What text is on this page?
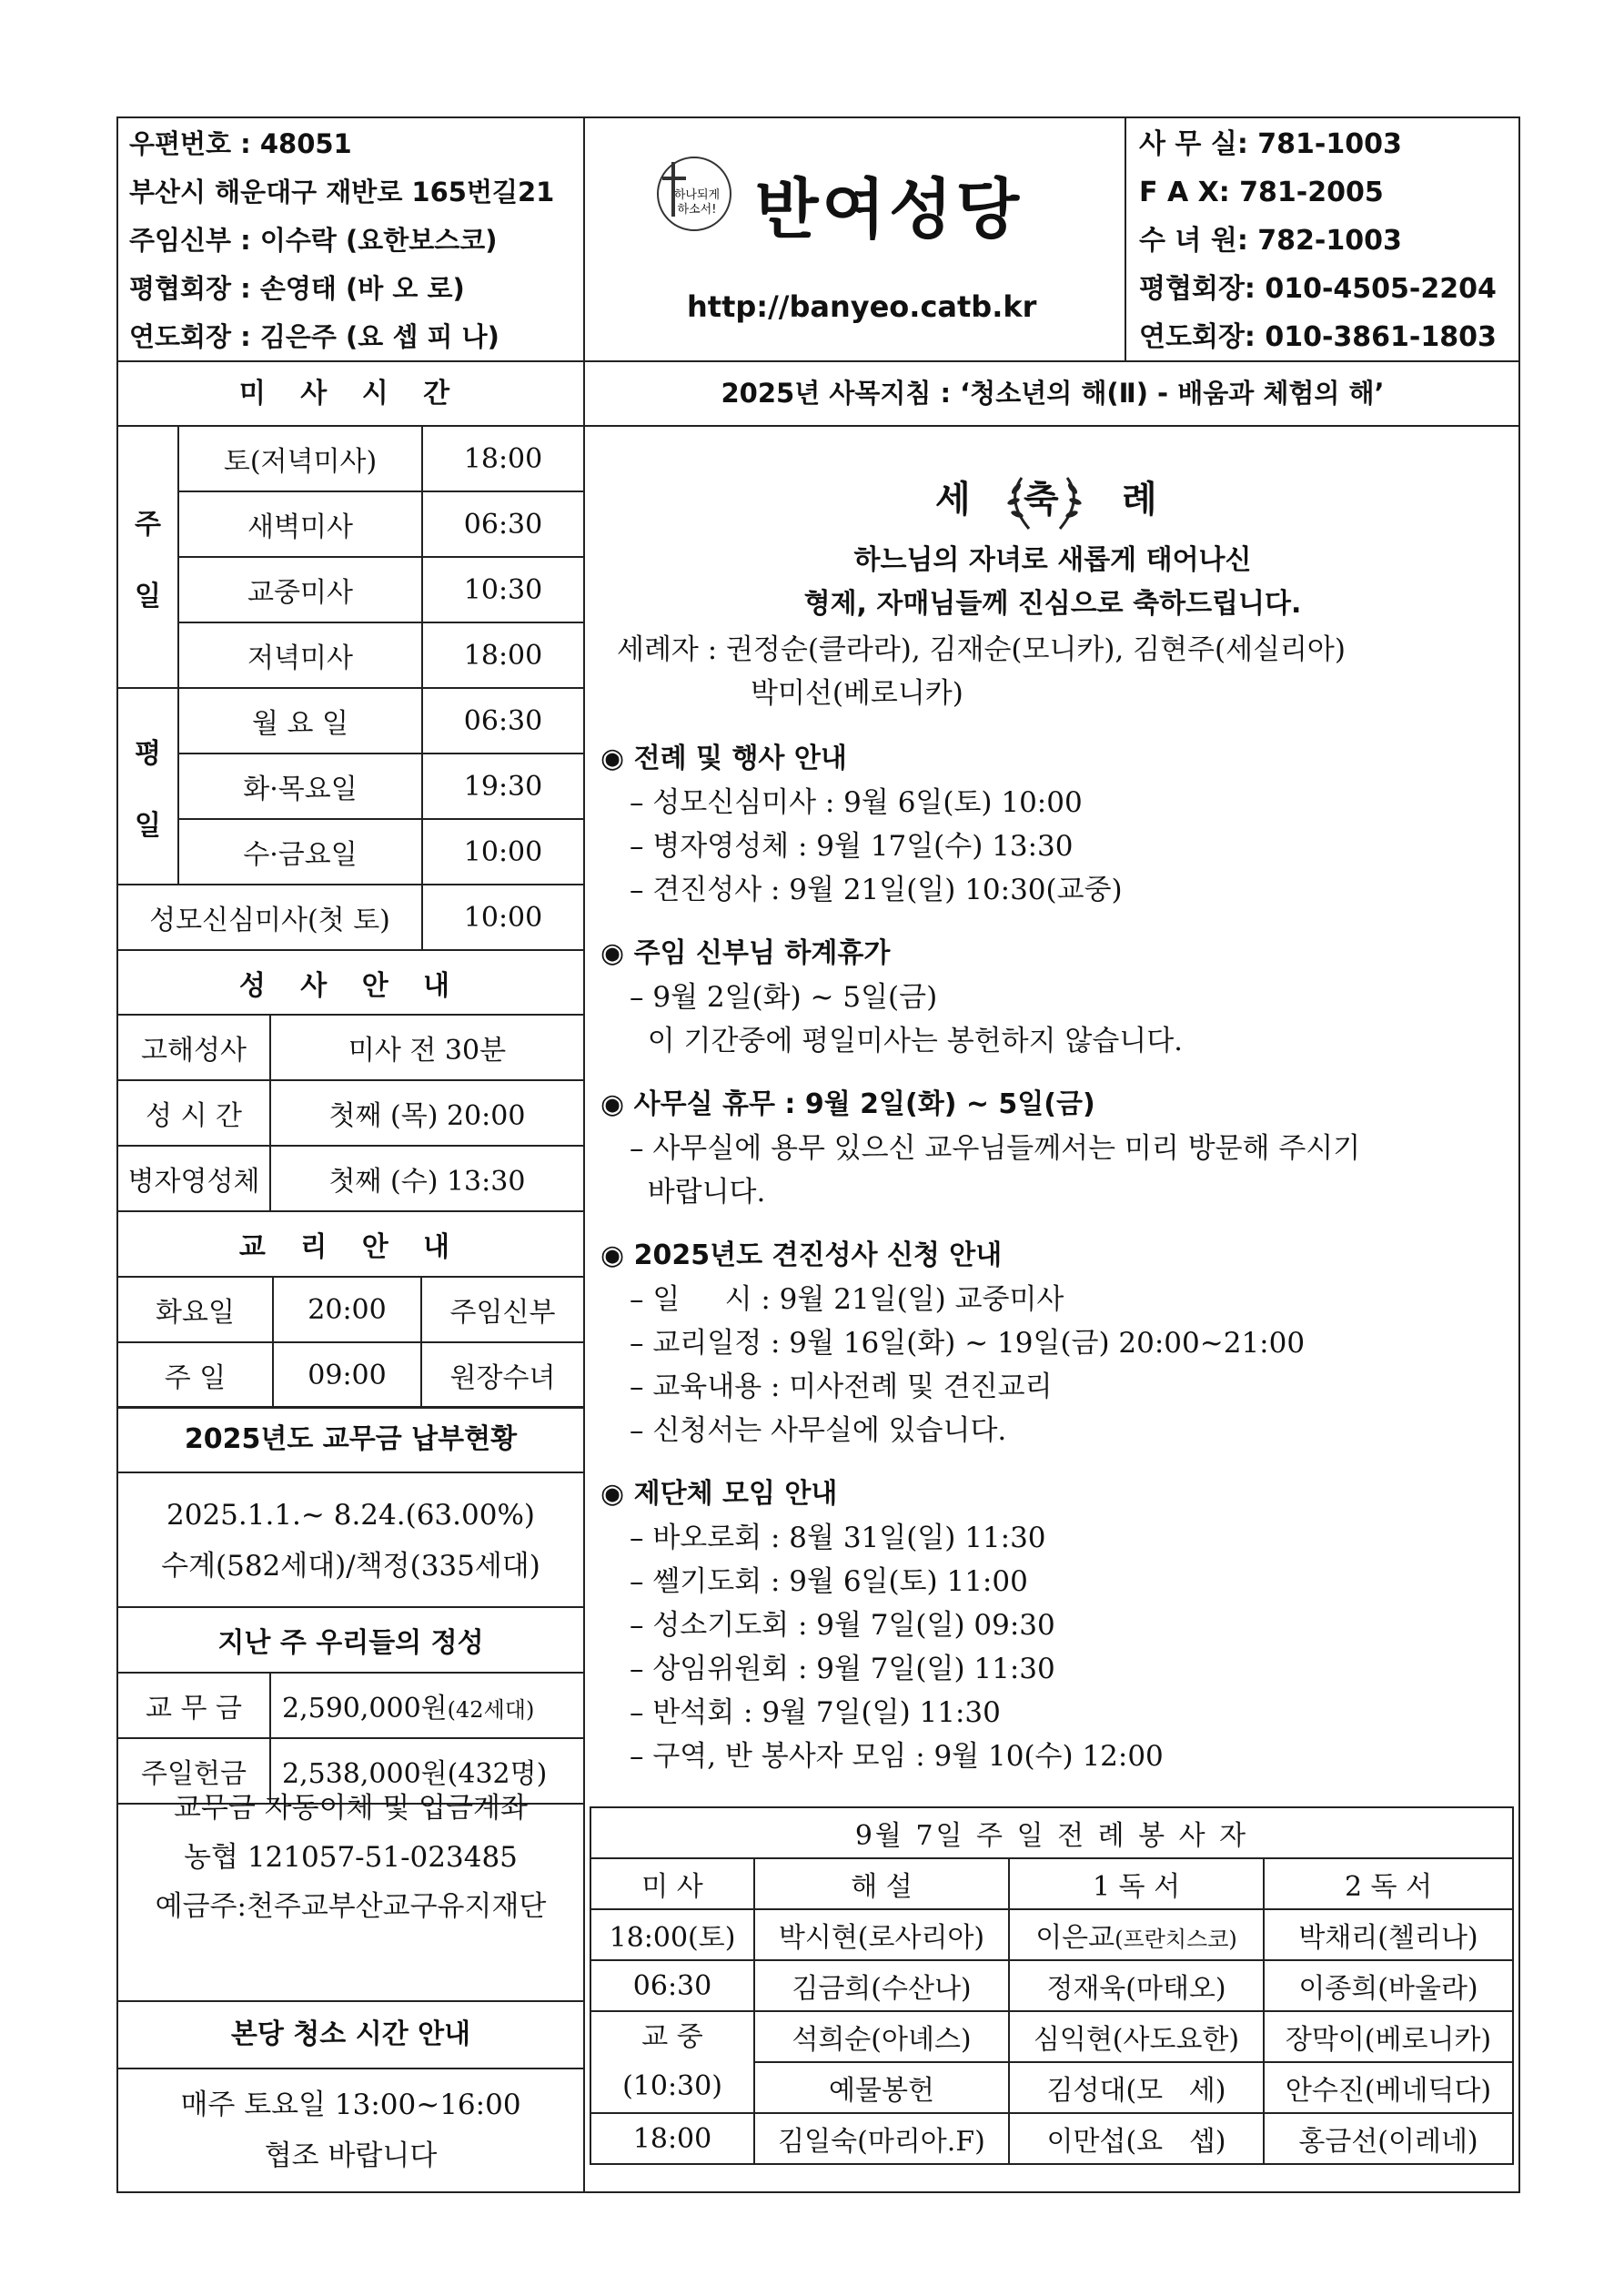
우편번호 : 48051
부산시 해운대구 재반로 165번길21
주임신부 : 이수락 (요한보스코)
평협회장 : 손영태 (바 오 로)
연도회장 : 김은주 (요 셉 피 나)
하나되게
하소서! 반여성당
http://banyeo.catb.kr
사 무 실: 781-1003
F A X: 781-2005
수 녀 원: 782-1003
평협회장: 010-4505-2204
연도회장: 010-3861-1803
미 사 시 간	2025년 사목지침 : ‘청소년의 해(Ⅱ) - 배움과 체험의 해’
주

일	토(저녁미사)	18:00
	새벽미사	06:30
	교중미사	10:30
	저녁미사	18:00
평

일	월 요 일	06:30
	화·목요일	19:30
	수·금요일	10:00
성모신심미사(첫 토)		10:00
성 사 안 내	
고해성사	미사 전 30분
성 시 간	첫째 (목) 20:00
병자영성체	첫째 (수) 13:30
교 리 안 내		
화요일	20:00	주임신부
주 일	09:00	원장수녀
2025년도 교무금 납부현황
2025.1.1.~ 8.24.(63.00%)
수계(582세대)/책정(335세대)
지난 주 우리들의 정성	
교 무 금	2,590,000원(42세대)
주일헌금	2,538,000원(432명)
교무금 자동이체 및 입금계좌
농협 121057-51-023485
예금주:천주교부산교구유지재단
본당 청소 시간 안내
매주 토요일 13:00~16:00
협조 바랍니다
세 축 례
하느님의 자녀로 새롭게 태어나신
형제, 자매님들께 진심으로 축하드립니다.
세례자 : 권정순(클라라), 김재순(모니카), 김현주(세실리아)
박미선(베로니카)
◉ 전례 및 행사 안내
– 성모신심미사 : 9월 6일(토) 10:00
– 병자영성체 : 9월 17일(수) 13:30
– 견진성사 : 9월 21일(일) 10:30(교중)
◉ 주임 신부님 하계휴가
– 9월 2일(화) ~ 5일(금)
이 기간중에 평일미사는 봉헌하지 않습니다.
◉ 사무실 휴무 : 9월 2일(화) ~ 5일(금)
– 사무실에 용무 있으신 교우님들께서는 미리 방문해 주시기
바랍니다.
◉ 2025년도 견진성사 신청 안내
– 일     시 : 9월 21일(일) 교중미사
– 교리일정 : 9월 16일(화) ~ 19일(금) 20:00~21:00
– 교육내용 : 미사전례 및 견진교리
– 신청서는 사무실에 있습니다.
◉ 제단체 모임 안내
– 바오로회 : 8월 31일(일) 11:30
– 쎌기도회 : 9월 6일(토) 11:00
– 성소기도회 : 9월 7일(일) 09:30
– 상임위원회 : 9월 7일(일) 11:30
– 반석회 : 9월 7일(일) 11:30
– 구역, 반 봉사자 모임 : 9월 10(수) 12:00
9월 7일 주 일 전 례 봉 사 자			
미 사	해 설	1 독 서	2 독 서
18:00(토)	박시현(로사리아)	이은교(프란치스코)	박채리(첼리나)
06:30	김금희(수산나)	정재욱(마태오)	이종희(바울라)
교 중
(10:30)	석희순(아녜스)	심익현(사도요한)	장막이(베로니카)
	예물봉헌	김성대(모   세)	안수진(베네딕다)
18:00	김일숙(마리아.F)	이만섭(요   셉)	홍금선(이레네)
